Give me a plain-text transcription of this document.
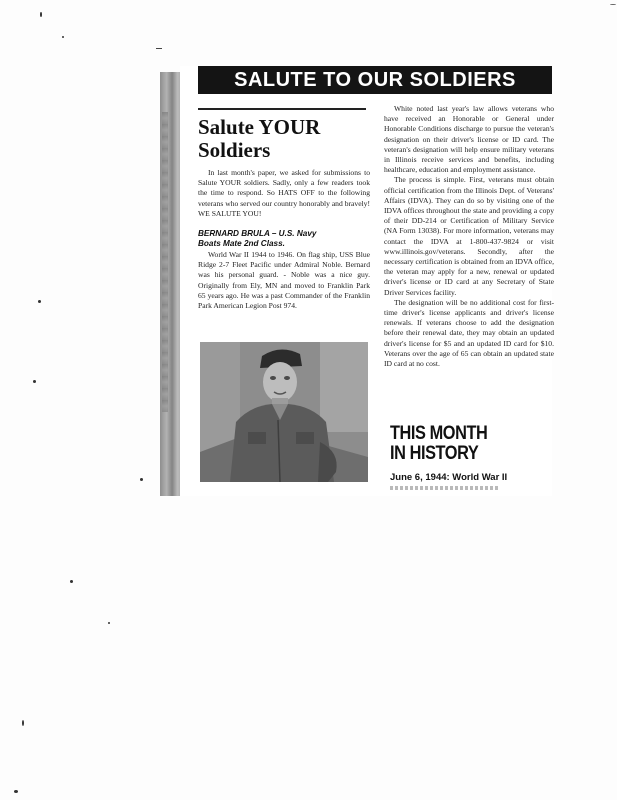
SALUTE TO OUR SOLDIERS
Salute YOUR Soldiers

In last month's paper, we asked for submissions to Salute YOUR soldiers. Sadly, only a few readers took the time to respond. So HATS OFF to the following veterans who served our country honorably and bravely! WE SALUTE YOU!

BERNARD BRULA – U.S. Navy
Boats Mate 2nd Class.

World War II 1944 to 1946. On flag ship, USS Blue Ridge 2-7 Fleet Pacific under Admiral Noble. Bernard was his personal guard. - Noble was a nice guy. Originally from Ely, MN and moved to Franklin Park 65 years ago. He was a past Commander of the Franklin Park American Legion Post 974.

White noted last year's law allows veterans who have received an Honorable or General under Honorable Conditions discharge to pursue the veteran's designation on their driver's license or ID card. The veteran's designation will help ensure military veterans in Illinois receive services and benefits, including healthcare, education and employment assistance.

The process is simple. First, veterans must obtain official certification from the Illinois Dept. of Veterans' Affairs (IDVA). They can do so by visiting one of the IDVA offices throughout the state and providing a copy of their DD-214 or Certification of Military Service (NA Form 13038). For more information, veterans may contact the IDVA at 1-800-437-9824 or visit www.illinois.gov/veterans. Secondly, after the necessary certification is obtained from an IDVA office, the veteran may apply for a new, renewal or updated driver's license or ID card at any Secretary of State Driver Services facility.

The designation will be no additional cost for first-time driver's license applicants and driver's license renewals. If veterans choose to add the designation before their renewal date, they may obtain an updated driver's license for $5 and an updated ID card for $10. Veterans over the age of 65 can obtain an updated state ID card at no cost.

THIS MONTH
IN HISTORY
June 6, 1944: World War II
